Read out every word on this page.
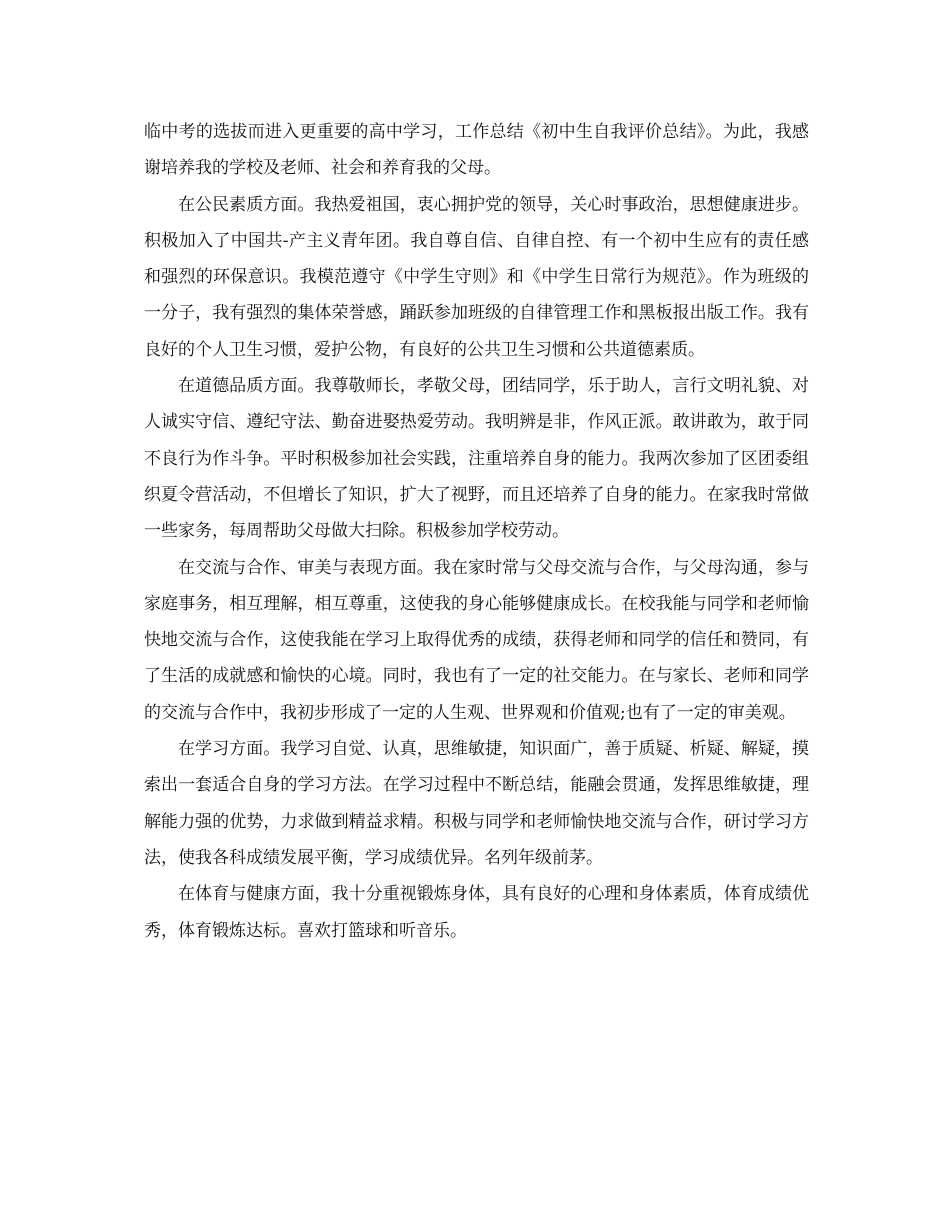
临中考的选拔而进入更重要的高中学习，工作总结《初中生自我评价总结》。为此，我感谢培养我的学校及老师、社会和养育我的父母。

在公民素质方面。我热爱祖国，衷心拥护党的领导，关心时事政治，思想健康进步。积极加入了中国共-产主义青年团。我自尊自信、自律自控、有一个初中生应有的责任感和强烈的环保意识。我模范遵守《中学生守则》和《中学生日常行为规范》。作为班级的一分子，我有强烈的集体荣誉感，踊跃参加班级的自律管理工作和黑板报出版工作。我有良好的个人卫生习惯，爱护公物，有良好的公共卫生习惯和公共道德素质。

在道德品质方面。我尊敬师长，孝敬父母，团结同学，乐于助人，言行文明礼貌、对人诚实守信、遵纪守法、勤奋进娶热爱劳动。我明辨是非，作风正派。敢讲敢为，敢于同不良行为作斗争。平时积极参加社会实践，注重培养自身的能力。我两次参加了区团委组织夏令营活动，不但增长了知识，扩大了视野，而且还培养了自身的能力。在家我时常做一些家务，每周帮助父母做大扫除。积极参加学校劳动。

在交流与合作、审美与表现方面。我在家时常与父母交流与合作，与父母沟通，参与家庭事务，相互理解，相互尊重，这使我的身心能够健康成长。在校我能与同学和老师愉快地交流与合作，这使我能在学习上取得优秀的成绩，获得老师和同学的信任和赞同，有了生活的成就感和愉快的心境。同时，我也有了一定的社交能力。在与家长、老师和同学的交流与合作中，我初步形成了一定的人生观、世界观和价值观;也有了一定的审美观。

在学习方面。我学习自觉、认真，思维敏捷，知识面广，善于质疑、析疑、解疑，摸索出一套适合自身的学习方法。在学习过程中不断总结，能融会贯通，发挥思维敏捷，理解能力强的优势，力求做到精益求精。积极与同学和老师愉快地交流与合作，研讨学习方法，使我各科成绩发展平衡，学习成绩优异。名列年级前茅。

在体育与健康方面，我十分重视锻炼身体，具有良好的心理和身体素质，体育成绩优秀，体育锻炼达标。喜欢打篮球和听音乐。
